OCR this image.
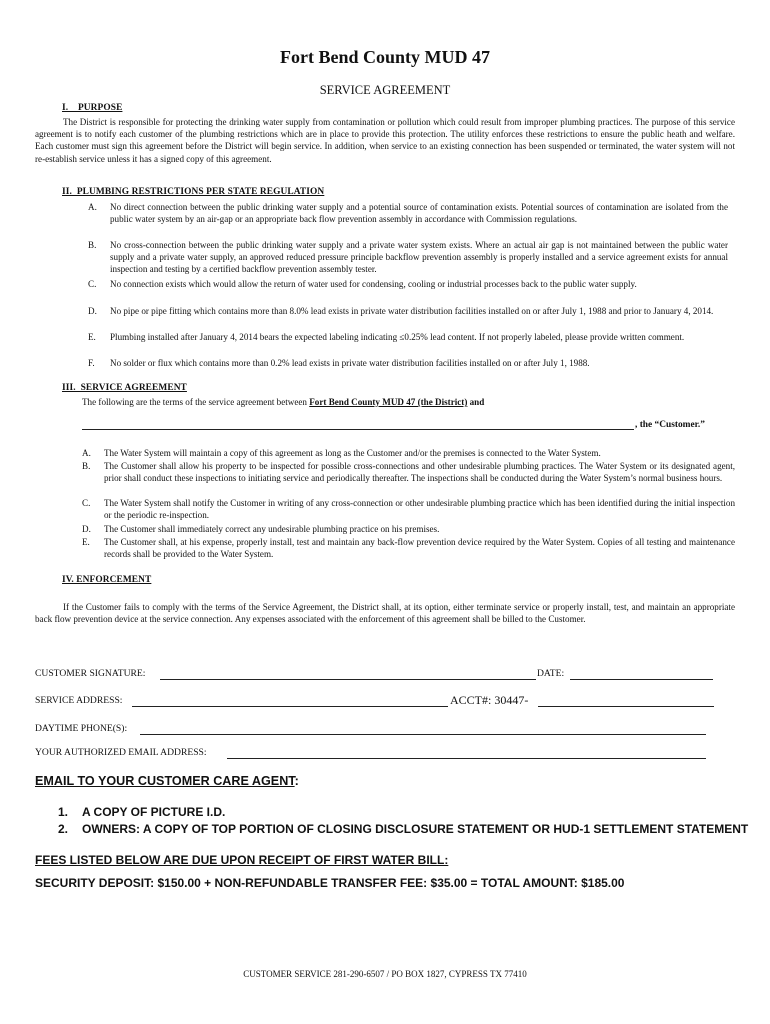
Fort Bend County MUD 47
SERVICE AGREEMENT
I.    PURPOSE
The District is responsible for protecting the drinking water supply from contamination or pollution which could result from improper plumbing practices. The purpose of this service agreement is to notify each customer of the plumbing restrictions which are in place to provide this protection. The utility enforces these restrictions to ensure the public heath and welfare. Each customer must sign this agreement before the District will begin service. In addition, when service to an existing connection has been suspended or terminated, the water system will not re-establish service unless it has a signed copy of this agreement.
II.  PLUMBING RESTRICTIONS PER STATE REGULATION
A. No direct connection between the public drinking water supply and a potential source of contamination exists. Potential sources of contamination are isolated from the public water system by an air-gap or an appropriate back flow prevention assembly in accordance with Commission regulations.
B. No cross-connection between the public drinking water supply and a private water system exists. Where an actual air gap is not maintained between the public water supply and a private water supply, an approved reduced pressure principle backflow prevention assembly is properly installed and a service agreement exists for annual inspection and testing by a certified backflow prevention assembly tester.
C. No connection exists which would allow the return of water used for condensing, cooling or industrial processes back to the public water supply.
D. No pipe or pipe fitting which contains more than 8.0% lead exists in private water distribution facilities installed on or after July 1, 1988 and prior to January 4, 2014.
E. Plumbing installed after January 4, 2014 bears the expected labeling indicating ≤0.25% lead content. If not properly labeled, please provide written comment.
F. No solder or flux which contains more than 0.2% lead exists in private water distribution facilities installed on or after July 1, 1988.
III.  SERVICE AGREEMENT
The following are the terms of the service agreement between Fort Bend County MUD 47 (the District) and
, the “Customer.”
A. The Water System will maintain a copy of this agreement as long as the Customer and/or the premises is connected to the Water System.
B. The Customer shall allow his property to be inspected for possible cross-connections and other undesirable plumbing practices. The Water System or its designated agent, prior shall conduct these inspections to initiating service and periodically thereafter. The inspections shall be conducted during the Water System’s normal business hours.
C. The Water System shall notify the Customer in writing of any cross-connection or other undesirable plumbing practice which has been identified during the initial inspection or the periodic re-inspection.
D. The Customer shall immediately correct any undesirable plumbing practice on his premises.
E. The Customer shall, at his expense, properly install, test and maintain any back-flow prevention device required by the Water System. Copies of all testing and maintenance records shall be provided to the Water System.
IV. ENFORCEMENT
If the Customer fails to comply with the terms of the Service Agreement, the District shall, at its option, either terminate service or properly install, test, and maintain an appropriate back flow prevention device at the service connection. Any expenses associated with the enforcement of this agreement shall be billed to the Customer.
CUSTOMER SIGNATURE:	DATE:
SERVICE ADDRESS:	ACCT#: 30447-
DAYTIME PHONE(S):
YOUR AUTHORIZED EMAIL ADDRESS:
EMAIL TO YOUR CUSTOMER CARE AGENT:
1. A COPY OF PICTURE I.D.
2. OWNERS: A COPY OF TOP PORTION OF CLOSING DISCLOSURE STATEMENT OR HUD-1 SETTLEMENT STATEMENT
FEES LISTED BELOW ARE DUE UPON RECEIPT OF FIRST WATER BILL:
SECURITY DEPOSIT: $150.00 + NON-REFUNDABLE TRANSFER FEE: $35.00 = TOTAL AMOUNT: $185.00
CUSTOMER SERVICE 281-290-6507 / PO BOX 1827, CYPRESS TX 77410
